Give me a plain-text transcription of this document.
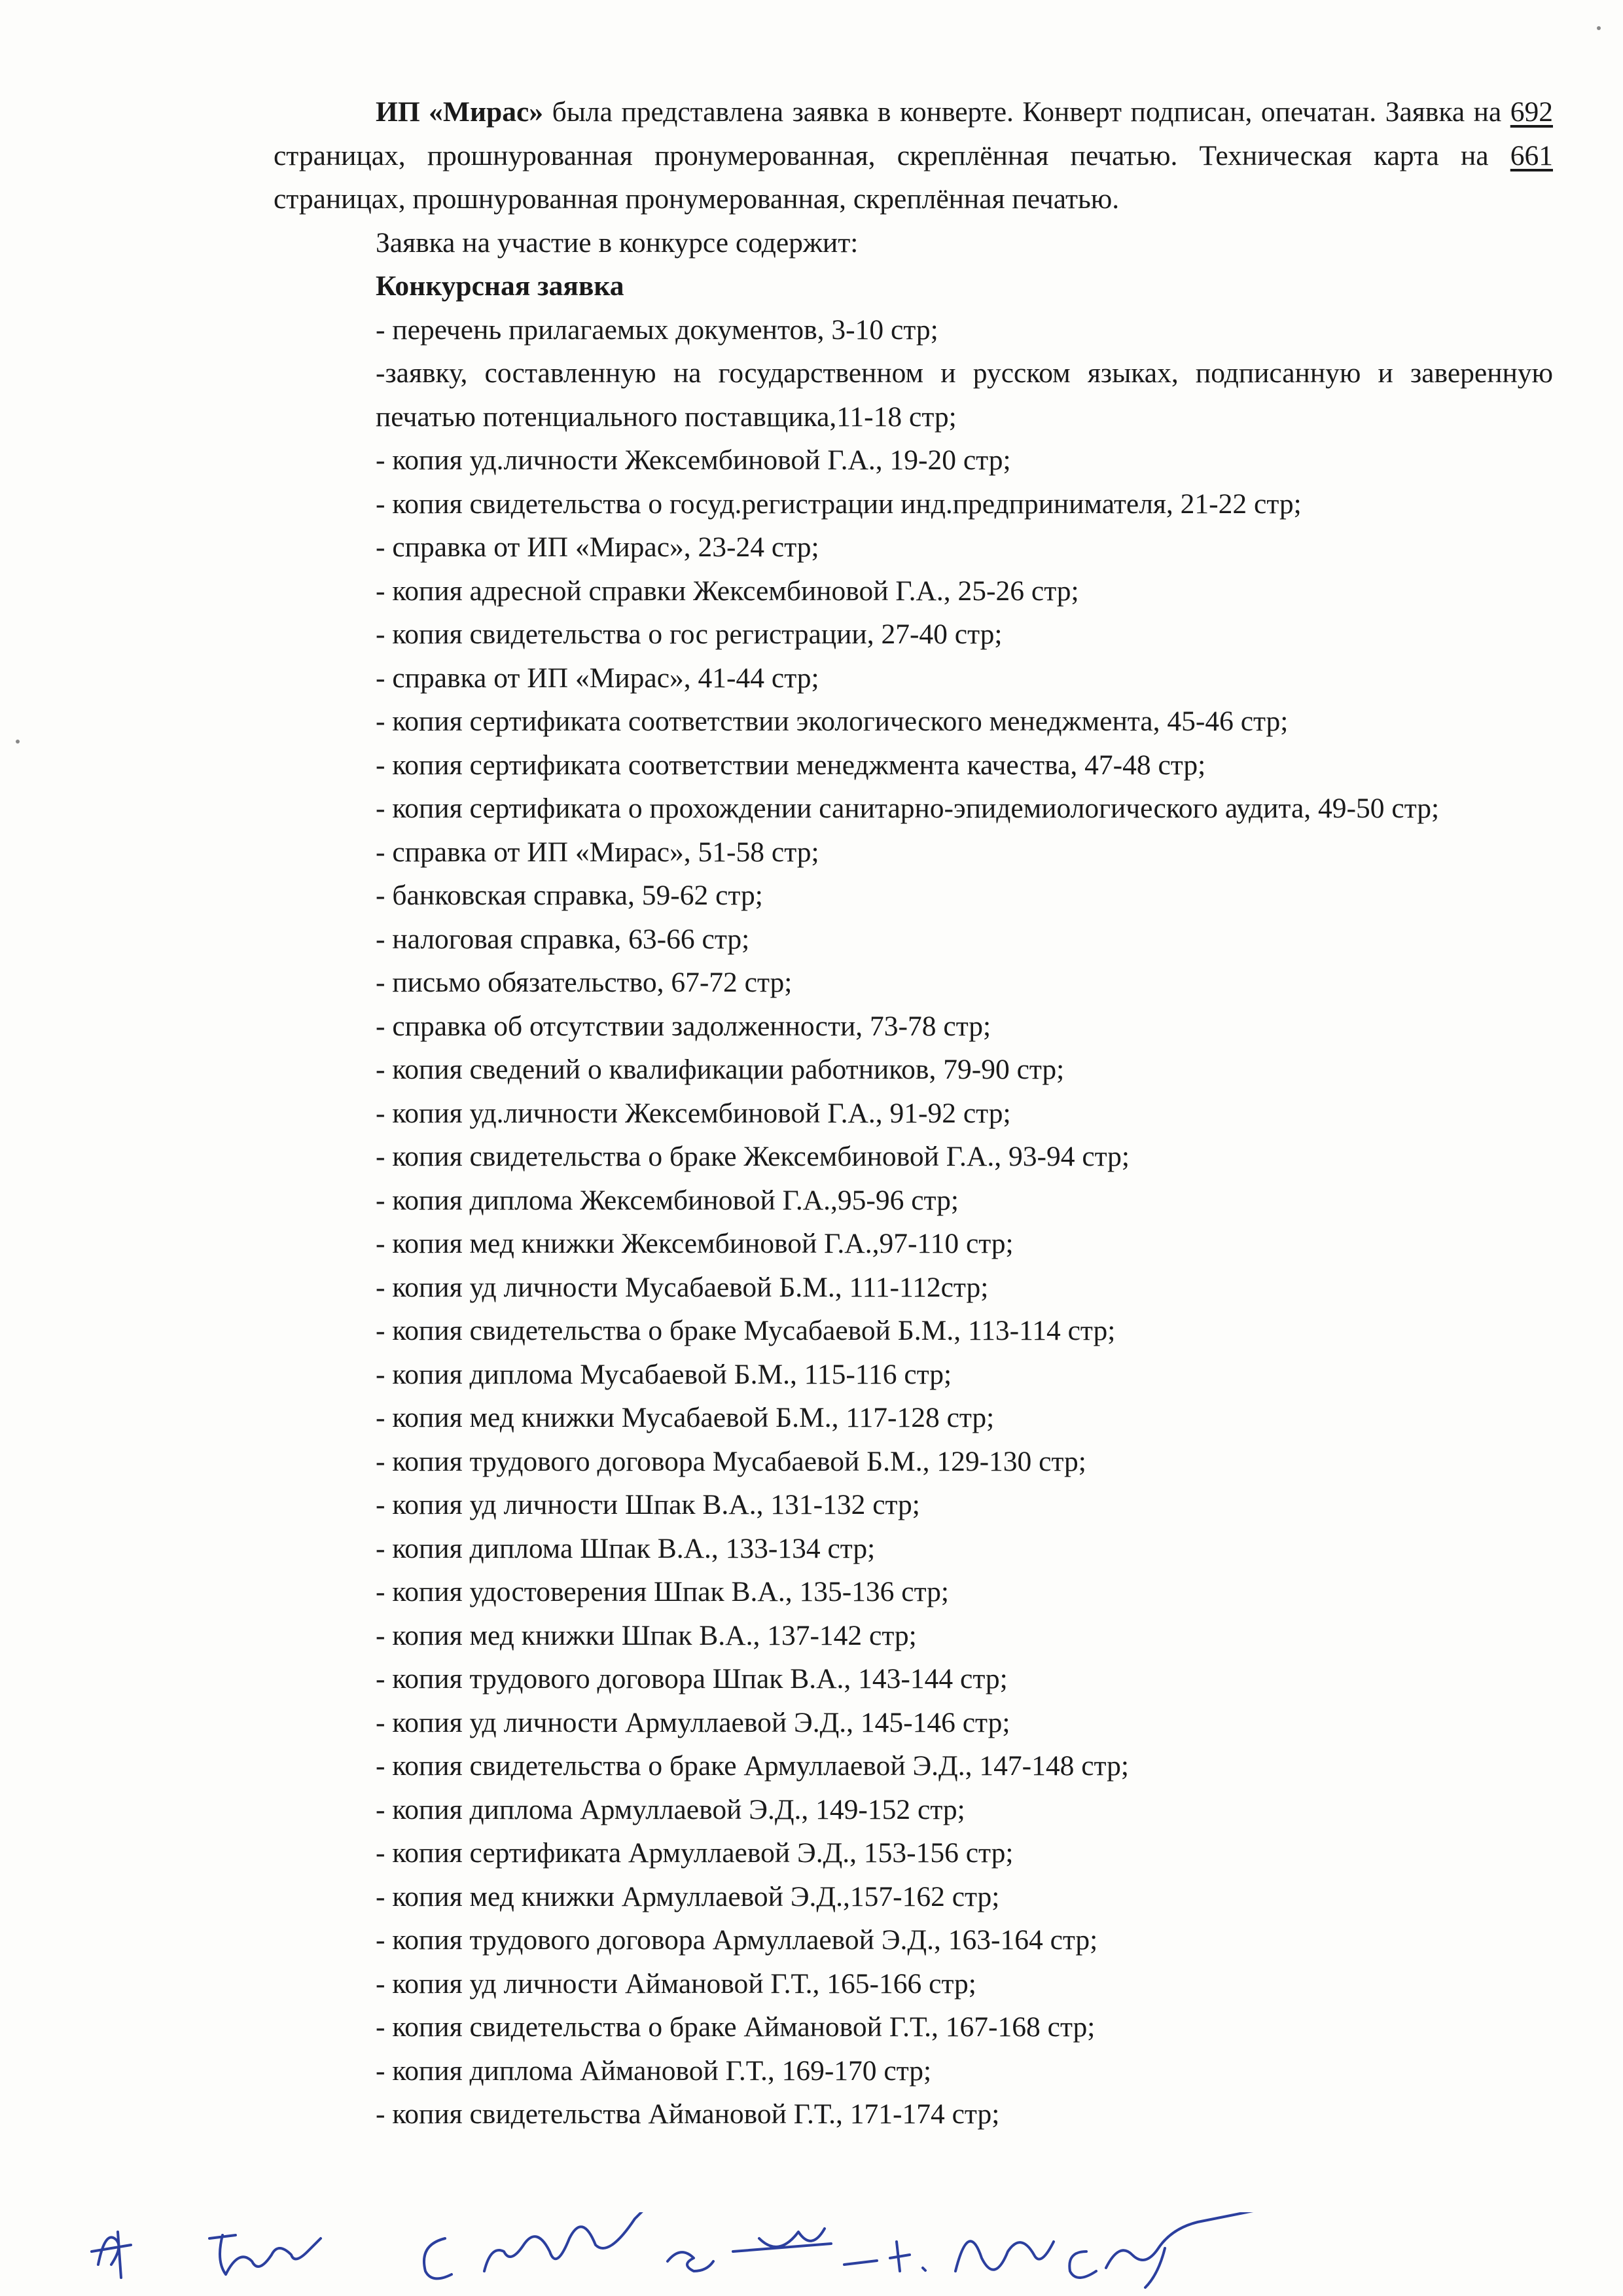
ИП «Мирас» была представлена заявка в конверте. Конверт подписан, опечатан. Заявка на 692 страницах, прошнурованная пронумерованная, скреплённая печатью. Техническая карта на 661 страницах, прошнурованная пронумерованная, скреплённая печатью.

Заявка на участие в конкурсе содержит:

Конкурсная заявка

- перечень прилагаемых документов, 3-10 стр;
-заявку, составленную на государственном и русском языках, подписанную и заверенную печатью потенциального поставщика,11-18 стр;
- копия уд.личности Жексембиновой Г.А., 19-20 стр;
- копия свидетельства о госуд.регистрации инд.предпринимателя, 21-22 стр;
- справка от ИП «Мирас», 23-24 стр;
- копия адресной справки Жексембиновой Г.А., 25-26 стр;
- копия свидетельства о гос регистрации, 27-40 стр;
- справка от ИП «Мирас», 41-44 стр;
- копия сертификата соответствии экологического менеджмента, 45-46 стр;
- копия сертификата соответствии менеджмента качества, 47-48 стр;
- копия сертификата о прохождении санитарно-эпидемиологического аудита, 49-50 стр;
- справка от ИП «Мирас», 51-58 стр;
- банковская справка, 59-62 стр;
- налоговая справка, 63-66 стр;
- письмо обязательство, 67-72 стр;
- справка об отсутствии задолженности, 73-78 стр;
- копия сведений о квалификации работников, 79-90 стр;
- копия уд.личности Жексембиновой Г.А., 91-92 стр;
- копия свидетельства о браке Жексембиновой Г.А., 93-94 стр;
- копия диплома Жексембиновой Г.А.,95-96 стр;
- копия мед книжки Жексембиновой Г.А.,97-110 стр;
- копия уд личности Мусабаевой Б.М., 111-112стр;
- копия свидетельства о браке Мусабаевой Б.М., 113-114 стр;
- копия диплома Мусабаевой Б.М., 115-116 стр;
- копия мед книжки Мусабаевой Б.М., 117-128 стр;
- копия трудового договора Мусабаевой Б.М., 129-130 стр;
- копия уд личности Шпак В.А., 131-132 стр;
- копия диплома Шпак В.А., 133-134 стр;
- копия удостоверения Шпак В.А., 135-136 стр;
- копия мед книжки Шпак В.А., 137-142 стр;
- копия трудового договора Шпак В.А., 143-144 стр;
- копия уд личности Армуллаевой Э.Д., 145-146 стр;
- копия свидетельства о браке Армуллаевой Э.Д., 147-148 стр;
- копия диплома Армуллаевой Э.Д., 149-152 стр;
- копия сертификата Армуллаевой Э.Д., 153-156 стр;
- копия мед книжки Армуллаевой Э.Д.,157-162 стр;
- копия трудового договора Армуллаевой Э.Д., 163-164 стр;
- копия уд личности Аймановой Г.Т., 165-166 стр;
- копия свидетельства о браке Аймановой Г.Т., 167-168 стр;
- копия диплома Аймановой Г.Т., 169-170 стр;
- копия свидетельства Аймановой Г.Т., 171-174 стр;
